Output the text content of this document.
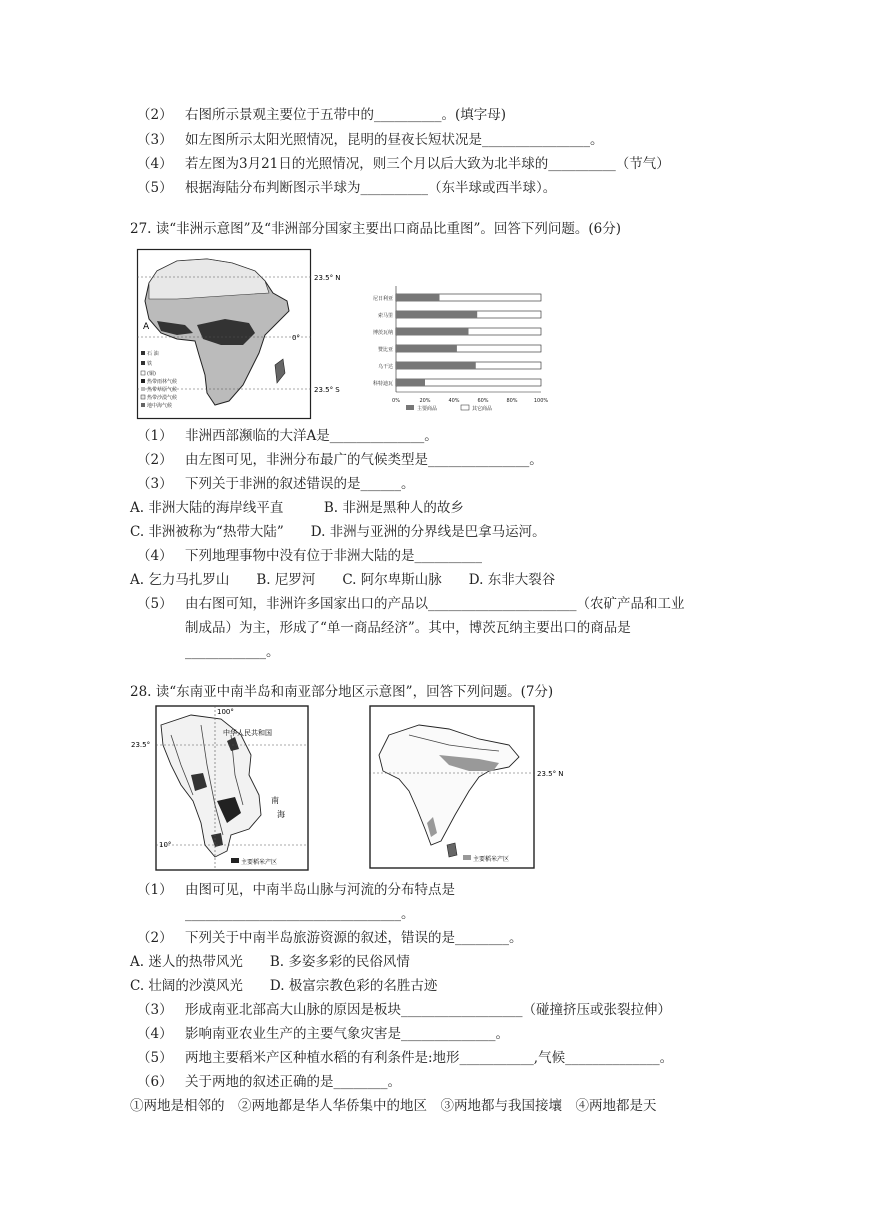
（2） 右图所示景观主要位于五带中的__________。(填字母)
（3） 如左图所示太阳光照情况，昆明的昼夜长短状况是________________。
（4） 若左图为3月21日的光照情况，则三个月以后大致为北半球的__________（节气）
（5） 根据海陆分布判断图示半球为__________（东半球或西半球）。
27. 读“非洲示意图”及“非洲部分国家主要出口商品比重图”。回答下列问题。(6分)
23.5° N
0°
23.5° S
A
石 油
铁
(铜)
热带雨林气候
热带草原气候
热带沙漠气候
地中海气候
尼日利亚
索马里
博茨瓦纳
赞比亚
乌干达
科特迪瓦
0%	20%	40%	60%	80%	100%
主要商品	其它商品
（1） 非洲西部濒临的大洋A是______________。
（2） 由左图可见，非洲分布最广的气候类型是_______________。
（3） 下列关于非洲的叙述错误的是______。
A. 非洲大陆的海岸线平直　　　B. 非洲是黑种人的故乡
C. 非洲被称为“热带大陆”　　D. 非洲与亚洲的分界线是巴拿马运河。
（4） 下列地理事物中没有位于非洲大陆的是__________
A. 乞力马扎罗山　　B. 尼罗河　　C. 阿尔卑斯山脉　　D. 东非大裂谷
（5） 由右图可知，非洲许多国家出口的产品以______________________（农矿产品和工业
制成品）为主，形成了“单一商品经济”。其中，博茨瓦纳主要出口的商品是
____________。
28. 读“东南亚中南半岛和南亚部分地区示意图”，回答下列问题。(7分)
23.5°
100°
10°
中华人民共和国
南
海
主要稻米产区
23.5° N
主要稻米产区
（1） 由图可见，中南半岛山脉与河流的分布特点是
________________________________。
（2） 下列关于中南半岛旅游资源的叙述，错误的是________。
A. 迷人的热带风光　　B. 多姿多彩的民俗风情
C. 壮阔的沙漠风光　　D. 极富宗教色彩的名胜古迹
（3） 形成南亚北部高大山脉的原因是板块__________________（碰撞挤压或张裂拉伸）
（4） 影响南亚农业生产的主要气象灾害是______________。
（5） 两地主要稻米产区种植水稻的有利条件是:地形___________,气候______________。
（6） 关于两地的叙述正确的是________。
①两地是相邻的　②两地都是华人华侨集中的地区　③两地都与我国接壤　④两地都是天
